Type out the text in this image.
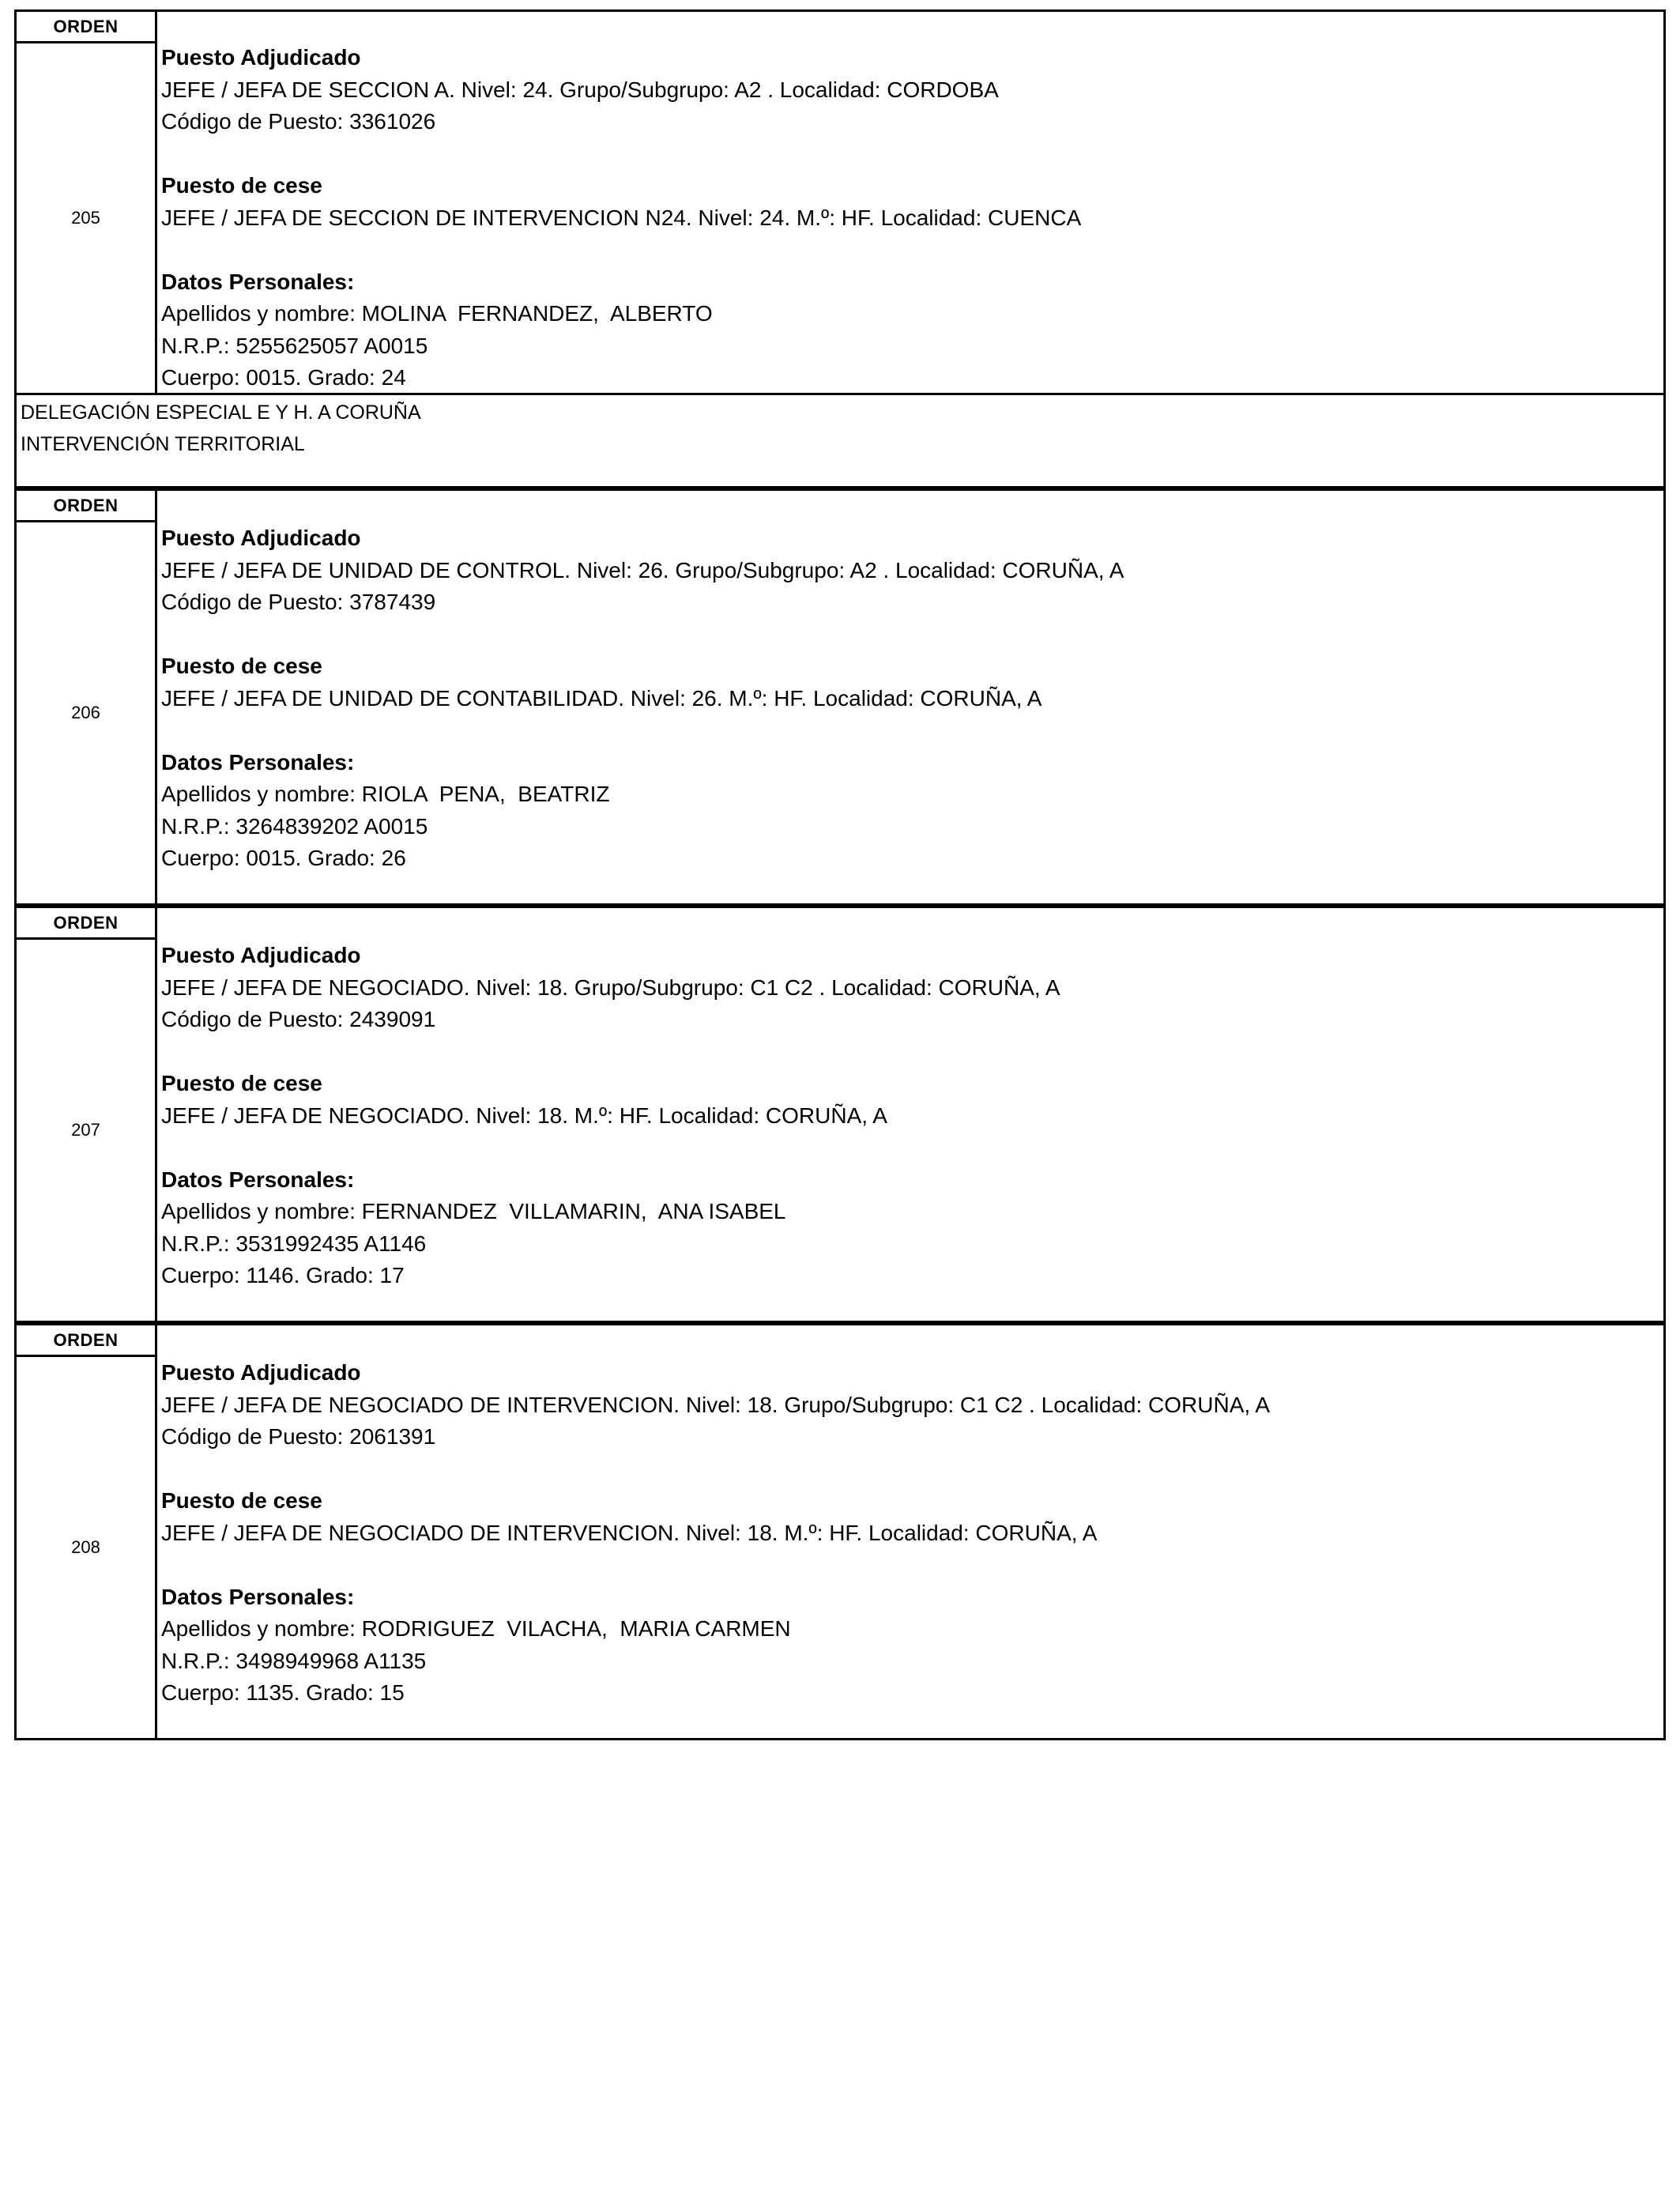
ORDEN
205
Puesto Adjudicado
JEFE / JEFA DE SECCION A. Nivel: 24. Grupo/Subgrupo: A2 . Localidad: CORDOBA
Código de Puesto: 3361026
Puesto de cese
JEFE / JEFA DE SECCION DE INTERVENCION N24. Nivel: 24. M.º: HF. Localidad: CUENCA
Datos Personales:
Apellidos y nombre: MOLINA  FERNANDEZ,  ALBERTO
N.R.P.: 5255625057 A0015
Cuerpo: 0015. Grado: 24
DELEGACIÓN ESPECIAL E Y H. A CORUÑA
INTERVENCIÓN TERRITORIAL
ORDEN
206
Puesto Adjudicado
JEFE / JEFA DE UNIDAD DE CONTROL. Nivel: 26. Grupo/Subgrupo: A2 . Localidad: CORUÑA, A
Código de Puesto: 3787439
Puesto de cese
JEFE / JEFA DE UNIDAD DE CONTABILIDAD. Nivel: 26. M.º: HF. Localidad: CORUÑA, A
Datos Personales:
Apellidos y nombre: RIOLA  PENA,  BEATRIZ
N.R.P.: 3264839202 A0015
Cuerpo: 0015. Grado: 26
ORDEN
207
Puesto Adjudicado
JEFE / JEFA DE NEGOCIADO. Nivel: 18. Grupo/Subgrupo: C1 C2 . Localidad: CORUÑA, A
Código de Puesto: 2439091
Puesto de cese
JEFE / JEFA DE NEGOCIADO. Nivel: 18. M.º: HF. Localidad: CORUÑA, A
Datos Personales:
Apellidos y nombre: FERNANDEZ  VILLAMARIN,  ANA ISABEL
N.R.P.: 3531992435 A1146
Cuerpo: 1146. Grado: 17
ORDEN
208
Puesto Adjudicado
JEFE / JEFA DE NEGOCIADO DE INTERVENCION. Nivel: 18. Grupo/Subgrupo: C1 C2 . Localidad: CORUÑA, A
Código de Puesto: 2061391
Puesto de cese
JEFE / JEFA DE NEGOCIADO DE INTERVENCION. Nivel: 18. M.º: HF. Localidad: CORUÑA, A
Datos Personales:
Apellidos y nombre: RODRIGUEZ  VILACHA,  MARIA CARMEN
N.R.P.: 3498949968 A1135
Cuerpo: 1135. Grado: 15
